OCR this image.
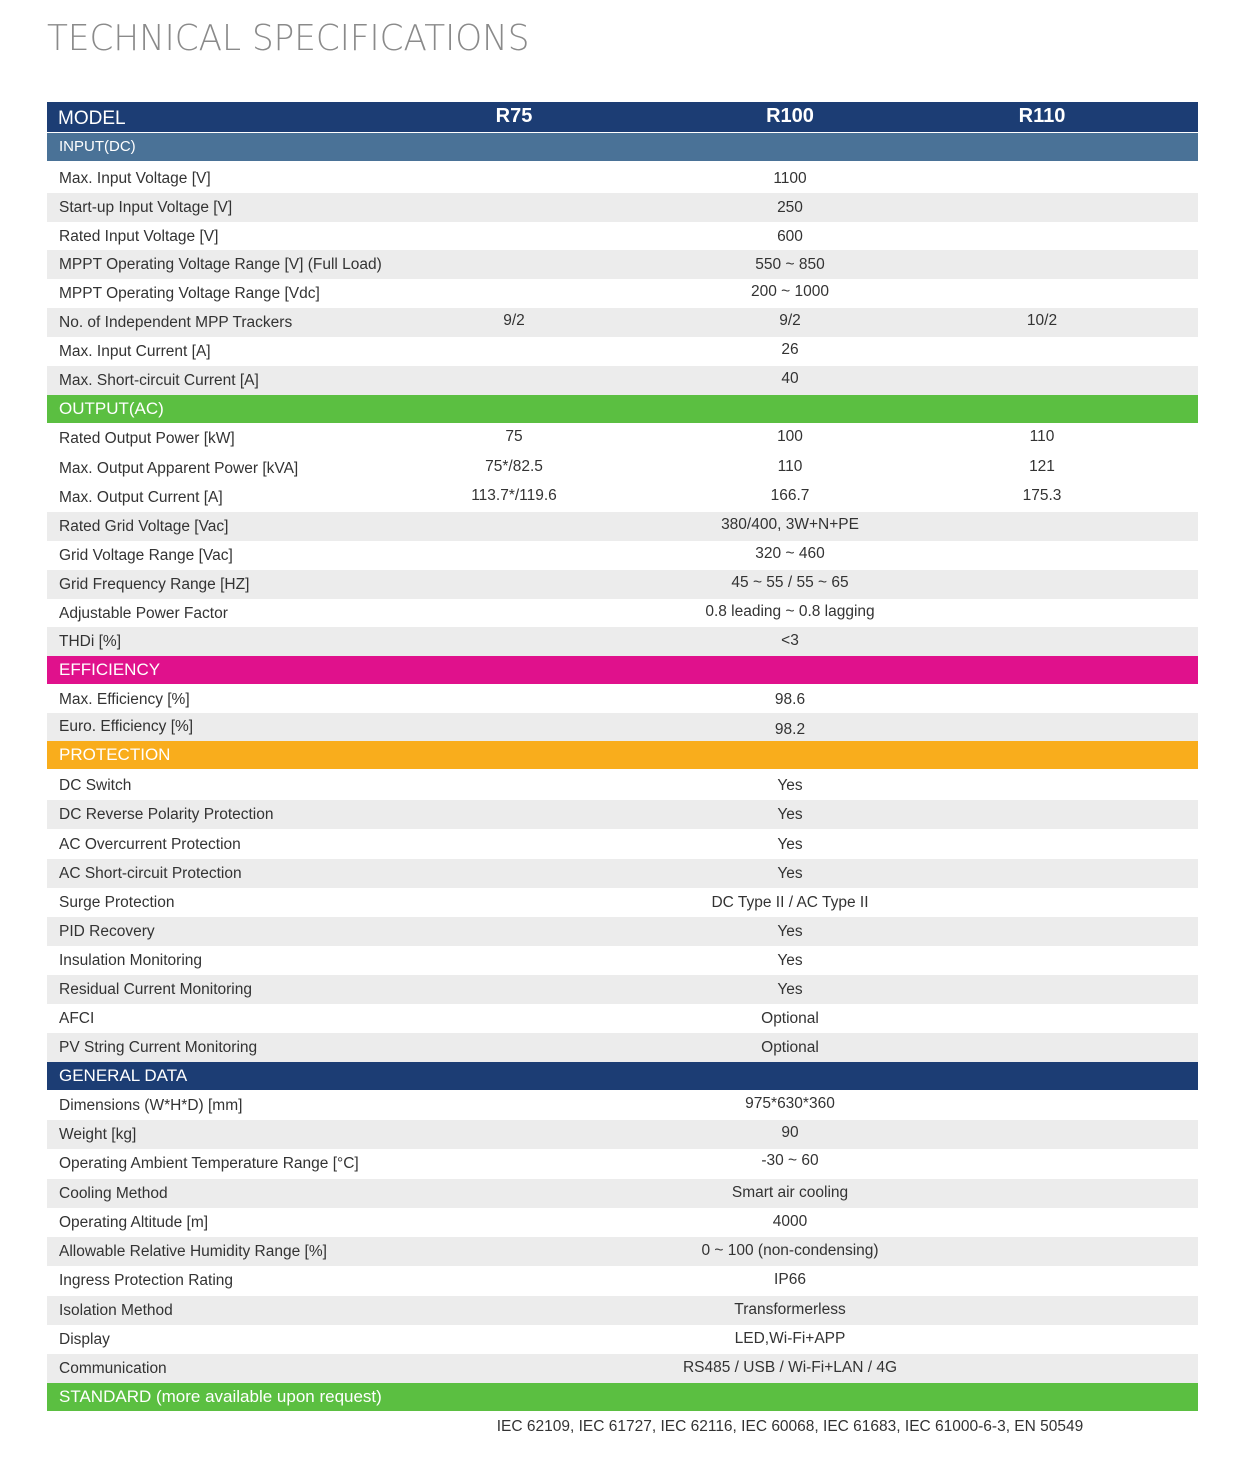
TECHNICAL SPECIFICATIONS
MODEL	R75	R100	R110
INPUT(DC)
Max. Input Voltage [V]	1100
Start-up Input Voltage [V]	250
Rated Input Voltage [V]	600
MPPT Operating Voltage Range [V] (Full Load)	550 ~ 850
MPPT Operating Voltage Range [Vdc]	200 ~ 1000
No. of Independent MPP Trackers	9/2	9/2	10/2
Max. Input Current [A]	26
Max. Short-circuit Current [A]	40
OUTPUT(AC)
Rated Output Power [kW]	75	100	110
Max. Output Apparent Power [kVA]	75*/82.5	110	121
Max. Output Current [A]	113.7*/119.6	166.7	175.3
Rated Grid Voltage [Vac]	380/400, 3W+N+PE
Grid Voltage Range [Vac]	320 ~ 460
Grid Frequency Range [HZ]	45 ~ 55 / 55 ~ 65
Adjustable Power Factor	0.8 leading ~ 0.8 lagging
THDi [%]	<3
EFFICIENCY
Max. Efficiency [%]	98.6
Euro. Efficiency [%]	98.2
PROTECTION
DC Switch	Yes
DC Reverse Polarity Protection	Yes
AC Overcurrent Protection	Yes
AC Short-circuit Protection	Yes
Surge Protection	DC Type II / AC Type II
PID Recovery	Yes
Insulation Monitoring	Yes
Residual Current Monitoring	Yes
AFCI	Optional
PV String Current Monitoring	Optional
GENERAL DATA
Dimensions (W*H*D) [mm]	975*630*360
Weight [kg]	90
Operating Ambient Temperature Range [°C]	-30 ~ 60
Cooling Method	Smart air cooling
Operating Altitude [m]	4000
Allowable Relative Humidity Range [%]	0 ~ 100 (non-condensing)
Ingress Protection Rating	IP66
Isolation Method	Transformerless
Display	LED,Wi-Fi+APP
Communication	RS485 / USB / Wi-Fi+LAN / 4G
STANDARD (more available upon request)
IEC 62109, IEC 61727, IEC 62116, IEC 60068, IEC 61683, IEC 61000-6-3, EN 50549
